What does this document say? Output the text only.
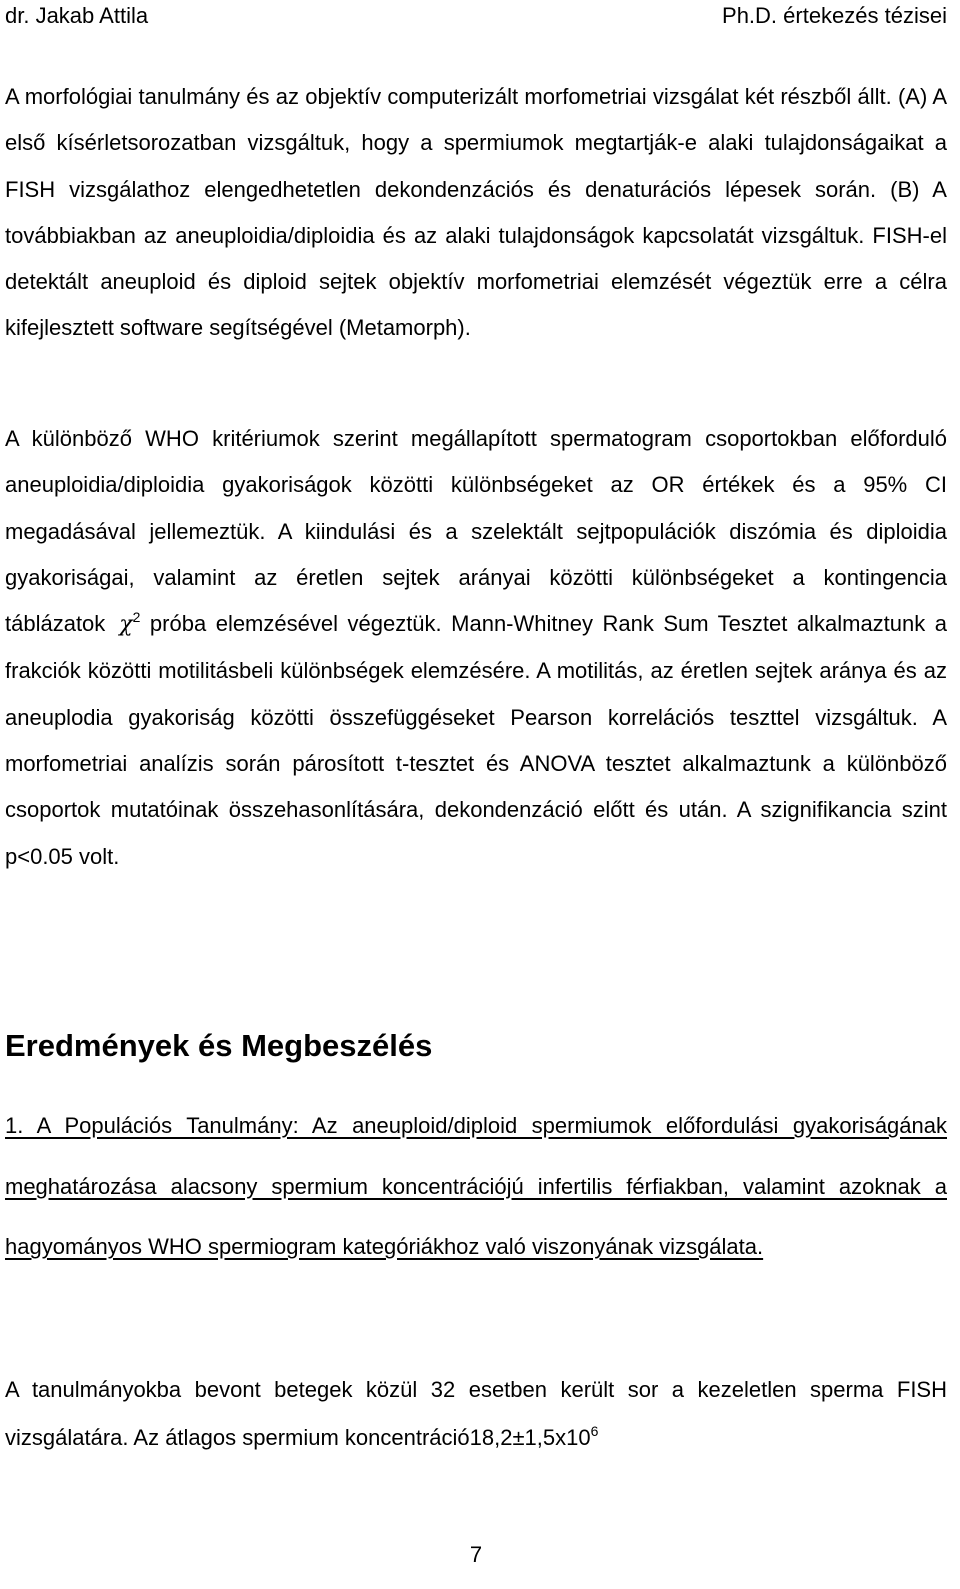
dr. Jakab Attila	Ph.D. értekezés tézisei

A morfológiai tanulmány és az objektív computerizált morfometriai vizsgálat két részből állt. (A) A első kísérletsorozatban vizsgáltuk, hogy a spermiumok megtartják-e alaki tulajdonságaikat a FISH vizsgálathoz elengedhetetlen dekondenzációs és denaturációs lépesek során. (B) A továbbiakban az aneuploidia/diploidia és az alaki tulajdonságok kapcsolatát vizsgáltuk. FISH-el detektált aneuploid és diploid sejtek objektív morfometriai elemzését végeztük erre a célra kifejlesztett software segítségével (Metamorph).

A különböző WHO kritériumok szerint megállapított spermatogram csoportokban előforduló aneuploidia/diploidia gyakoriságok közötti különbségeket az OR értékek és a 95% CI megadásával jellemeztük. A kiindulási és a szelektált sejtpopulációk diszómia és diploidia gyakoriságai, valamint az éretlen sejtek arányai közötti különbségeket a kontingencia táblázatok $\chi^2$ próba elemzésével végeztük. Mann-Whitney Rank Sum Tesztet alkalmaztunk a frakciók közötti motilitásbeli különbségek elemzésére. A motilitás, az éretlen sejtek aránya és az aneuplodia gyakoriság közötti összefüggéseket Pearson korrelációs teszttel vizsgáltuk. A morfometriai analízis során párosított t-tesztet és ANOVA tesztet alkalmaztunk a különböző csoportok mutatóinak összehasonlítására, dekondenzáció előtt és után. A szignifikancia szint p<0.05 volt.

Eredmények és Megbeszélés

1. A Populációs Tanulmány: Az aneuploid/diploid spermiumok előfordulási gyakoriságának meghatározása alacsony spermium koncentrációjú infertilis férfiakban, valamint azoknak a hagyományos WHO spermiogram kategóriákhoz való viszonyának vizsgálata.

A tanulmányokba bevont betegek közül 32 esetben került sor a kezeletlen sperma FISH vizsgálatára. Az átlagos spermium $koncentráció18,2\pm 1,5x10^6$

7
